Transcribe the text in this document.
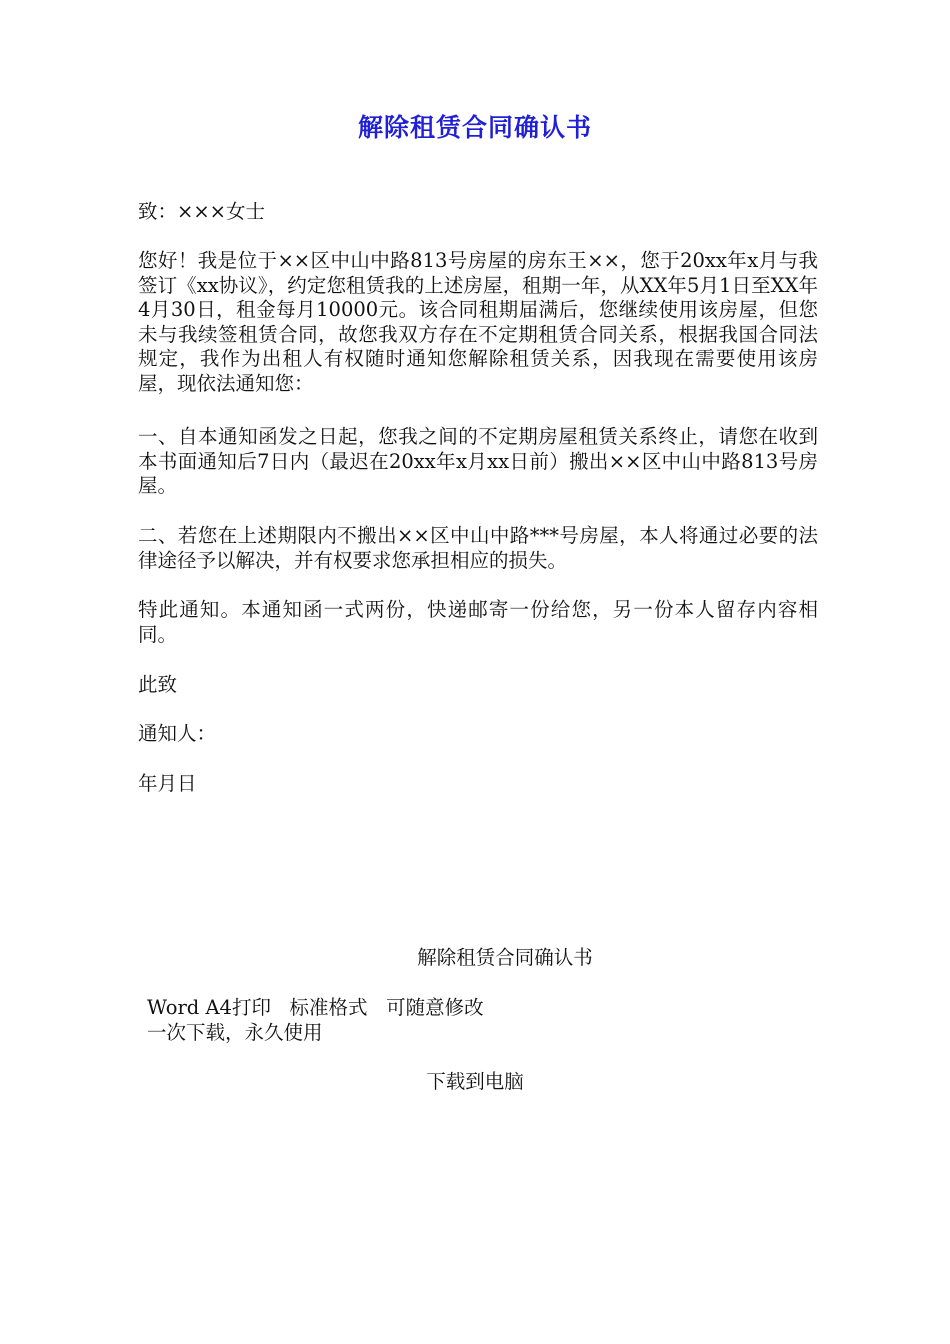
解除租赁合同确认书
致：×××女士
您好！我是位于××区中山中路813号房屋的房东王××，您于20xx年x月与我签订《xx协议》，约定您租赁我的上述房屋，租期一年，从XX年5月1日至XX年4月30日，租金每月10000元。该合同租期届满后，您继续使用该房屋，但您未与我续签租赁合同，故您我双方存在不定期租赁合同关系，根据我国合同法规定，我作为出租人有权随时通知您解除租赁关系，因我现在需要使用该房屋，现依法通知您：
一、自本通知函发之日起，您我之间的不定期房屋租赁关系终止，请您在收到本书面通知后7日内（最迟在20xx年x月xx日前）搬出××区中山中路813号房屋。
二、若您在上述期限内不搬出××区中山中路***号房屋，本人将通过必要的法律途径予以解决，并有权要求您承担相应的损失。
特此通知。本通知函一式两份，快递邮寄一份给您，另一份本人留存内容相同。
此致
通知人：
年月日
解除租赁合同确认书
Word A4打印   标准格式   可随意修改
一次下载，永久使用
下载到电脑
